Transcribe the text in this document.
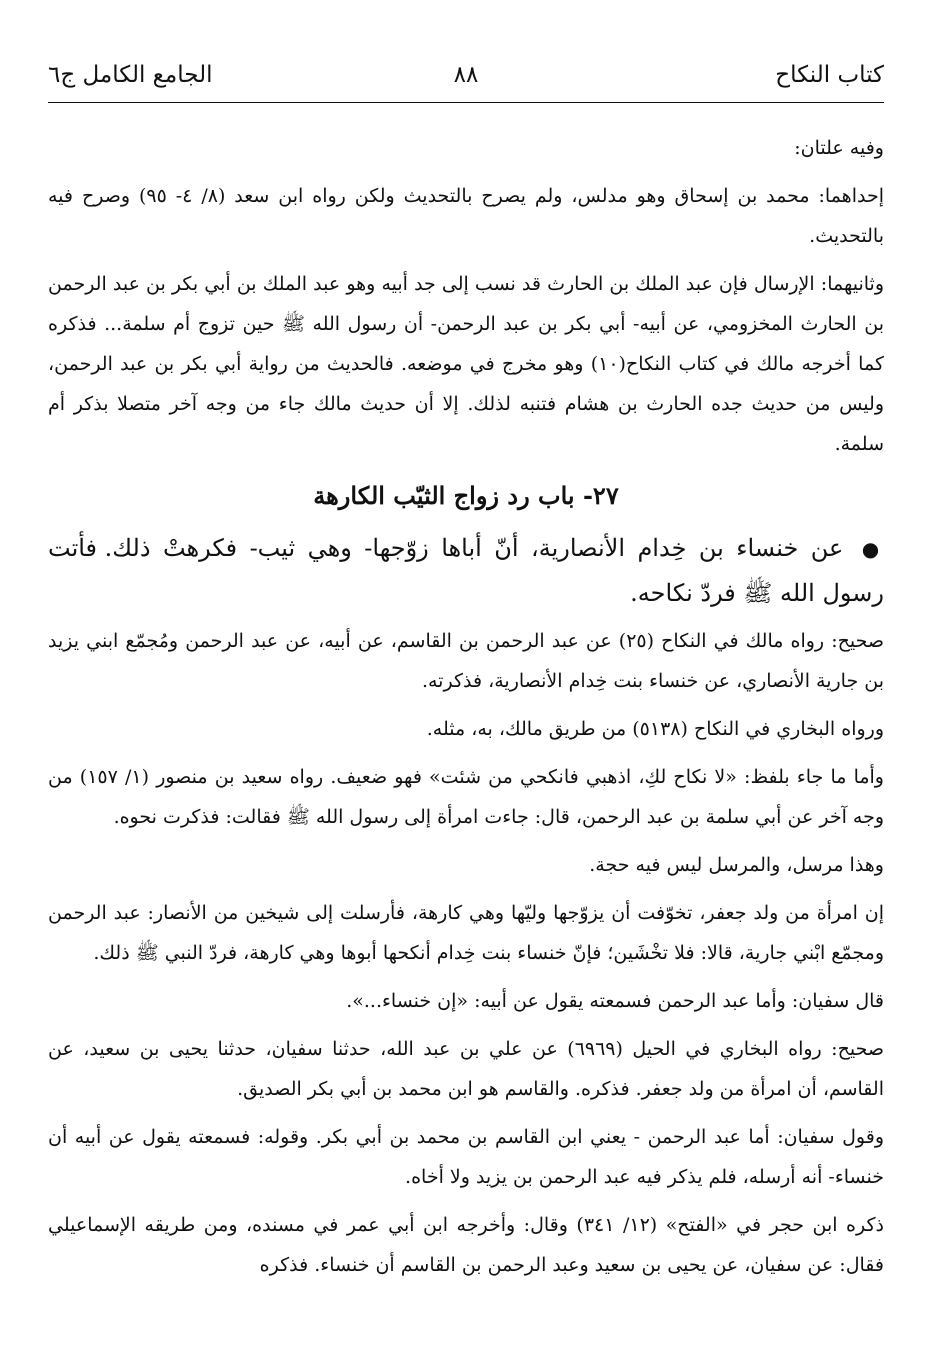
كتاب النكاح
٨٨
الجامع الكامل ج٦

وفيه علتان:

إحداهما: محمد بن إسحاق وهو مدلس، ولم يصرح بالتحديث ولكن رواه ابن سعد (٨/ ٤- ٩٥) وصرح فيه بالتحديث.

وثانيهما: الإرسال فإن عبد الملك بن الحارث قد نسب إلى جد أبيه وهو عبد الملك بن أبي بكر بن عبد الرحمن بن الحارث المخزومي، عن أبيه- أبي بكر بن عبد الرحمن- أن رسول الله ﷺ حين تزوج أم سلمة... فذكره كما أخرجه مالك في كتاب النكاح(١٠) وهو مخرج في موضعه. فالحديث من رواية أبي بكر بن عبد الرحمن، وليس من حديث جده الحارث بن هشام فتنبه لذلك. إلا أن حديث مالك جاء من وجه آخر متصلا بذكر أم سلمة.

٢٧- باب رد زواج الثيّب الكارهة

● عن خنساء بن خِدام الأنصارية، أنّ أباها زوّجها- وهي ثيب- فكرهتْ ذلك. فأتت رسول الله ﷺ فردّ نكاحه.

صحيح: رواه مالك في النكاح (٢٥) عن عبد الرحمن بن القاسم، عن أبيه، عن عبد الرحمن ومُجمّع ابني يزيد بن جارية الأنصاري، عن خنساء بنت خِدام الأنصارية، فذكرته.

ورواه البخاري في النكاح (٥١٣٨) من طريق مالك، به، مثله.

وأما ما جاء بلفظ: «لا نكاح لكِ، اذهبي فانكحي من شئت» فهو ضعيف. رواه سعيد بن منصور (١/ ١٥٧) من وجه آخر عن أبي سلمة بن عبد الرحمن، قال: جاءت امرأة إلى رسول الله ﷺ فقالت: فذكرت نحوه.

وهذا مرسل، والمرسل ليس فيه حجة.

إن امرأة من ولد جعفر، تخوّفت أن يزوّجها وليّها وهي كارهة، فأرسلت إلى شيخين من الأنصار: عبد الرحمن ومجمّع ابْني جارية، قالا: فلا تخْشَين؛ فإنّ خنساء بنت خِدام أنكحها أبوها وهي كارهة، فردّ النبي ﷺ ذلك.

قال سفيان: وأما عبد الرحمن فسمعته يقول عن أبيه: «إن خنساء...».

صحيح: رواه البخاري في الحيل (٦٩٦٩) عن علي بن عبد الله، حدثنا سفيان، حدثنا يحيى بن سعيد، عن القاسم، أن امرأة من ولد جعفر. فذكره. والقاسم هو ابن محمد بن أبي بكر الصديق.

وقول سفيان: أما عبد الرحمن - يعني ابن القاسم بن محمد بن أبي بكر. وقوله: فسمعته يقول عن أبيه أن خنساء- أنه أرسله، فلم يذكر فيه عبد الرحمن بن يزيد ولا أخاه.

ذكره ابن حجر في «الفتح» (١٢/ ٣٤١) وقال: وأخرجه ابن أبي عمر في مسنده، ومن طريقه الإسماعيلي فقال: عن سفيان، عن يحيى بن سعيد وعبد الرحمن بن القاسم أن خنساء. فذكره
